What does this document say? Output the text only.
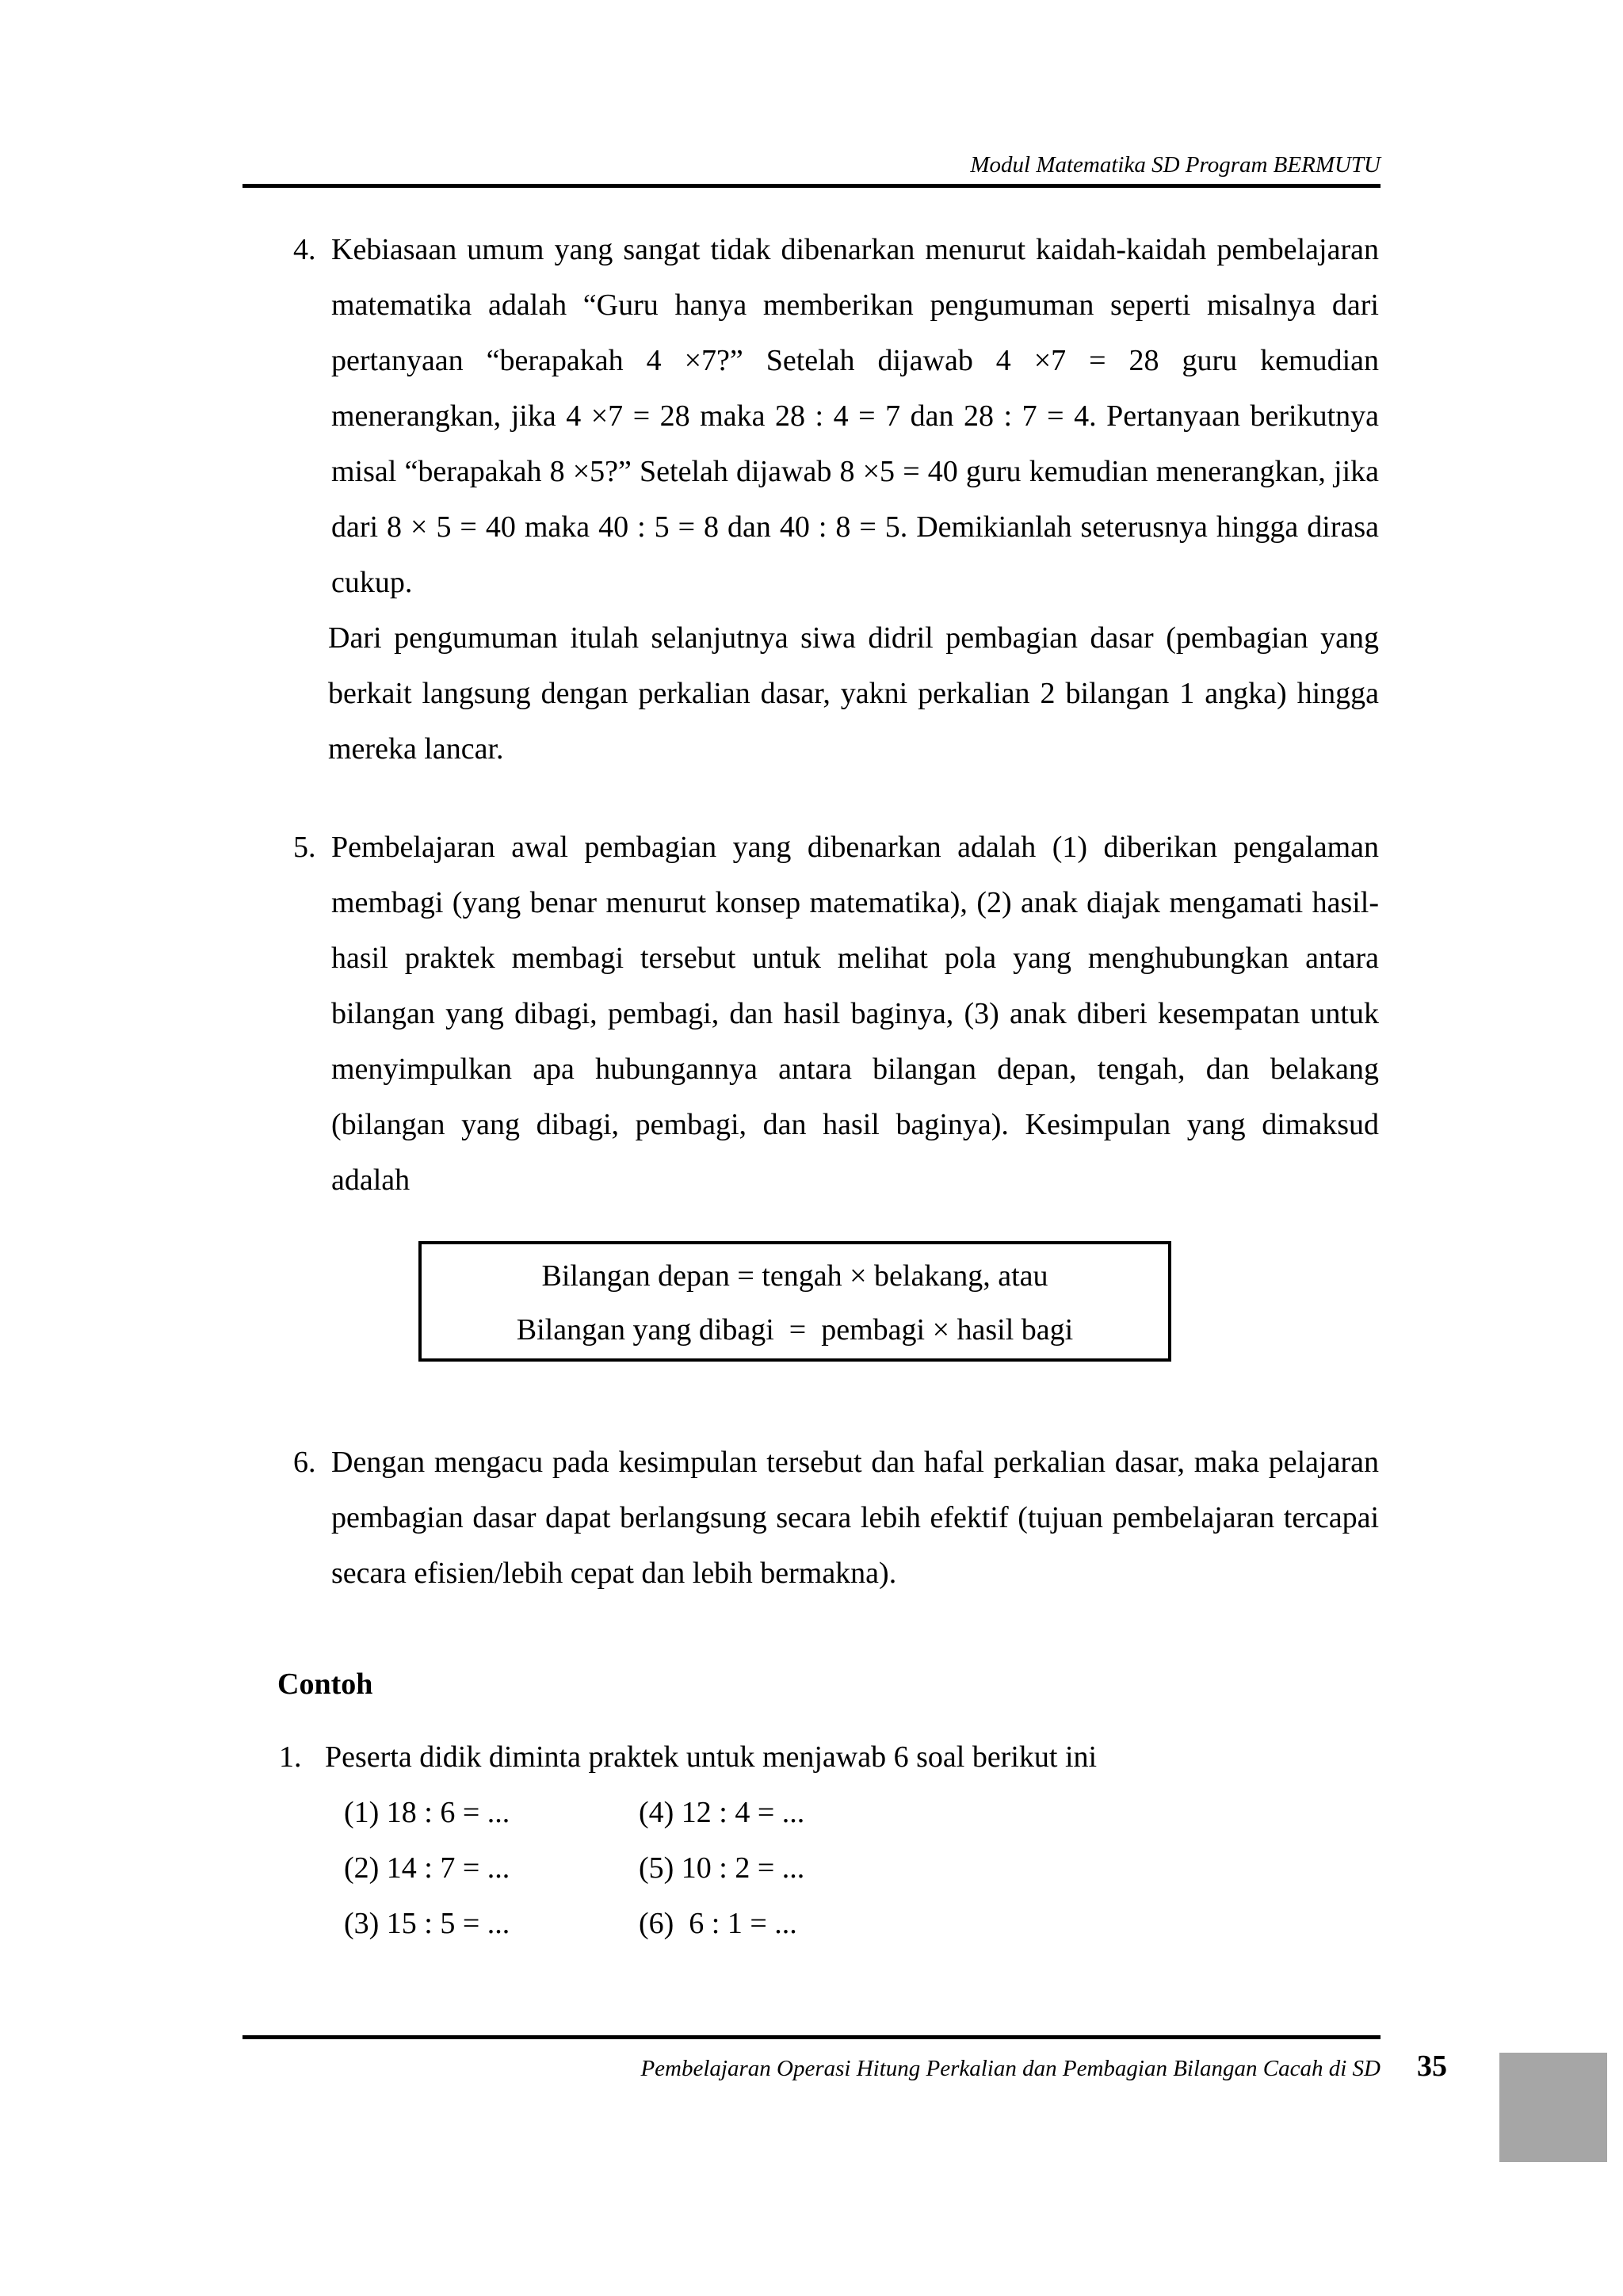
Modul Matematika SD Program BERMUTU
4. Kebiasaan umum yang sangat tidak dibenarkan menurut kaidah-kaidah pembelajaran matematika adalah “Guru hanya memberikan pengumuman seperti misalnya dari pertanyaan “berapakah 4 ×7?” Setelah dijawab 4 ×7 = 28 guru kemudian menerangkan, jika 4 ×7 = 28 maka 28 : 4 = 7 dan 28 : 7 = 4. Pertanyaan berikutnya misal “berapakah 8 ×5?” Setelah dijawab 8 ×5 = 40 guru kemudian menerangkan, jika dari 8 × 5 = 40 maka 40 : 5 = 8 dan 40 : 8 = 5. Demikianlah seterusnya hingga dirasa cukup.

Dari pengumuman itulah selanjutnya siwa didril pembagian dasar (pembagian yang berkait langsung dengan perkalian dasar, yakni perkalian 2 bilangan 1 angka) hingga mereka lancar.

5. Pembelajaran awal pembagian yang dibenarkan adalah (1) diberikan pengalaman membagi (yang benar menurut konsep matematika), (2) anak diajak mengamati hasil-hasil praktek membagi tersebut untuk melihat pola yang menghubungkan antara bilangan yang dibagi, pembagi, dan hasil baginya, (3) anak diberi kesempatan untuk menyimpulkan apa hubungannya antara bilangan depan, tengah, dan belakang (bilangan yang dibagi, pembagi, dan hasil baginya). Kesimpulan yang dimaksud adalah

Bilangan depan = tengah × belakang, atau
Bilangan yang dibagi  =  pembagi × hasil bagi
6. Dengan mengacu pada kesimpulan tersebut dan hafal perkalian dasar, maka pelajaran pembagian dasar dapat berlangsung secara lebih efektif (tujuan pembelajaran tercapai secara efisien/lebih cepat dan lebih bermakna).

Contoh
1. Peserta didik diminta praktek untuk menjawab 6 soal berikut ini
(1) 18 : 6 = ...	(4) 12 : 4 = ...
(2) 14 : 7 = ...	(5) 10 : 2 = ...
(3) 15 : 5 = ...	(6)  6 : 1 = ...
Pembelajaran Operasi Hitung Perkalian dan Pembagian Bilangan Cacah di SD 35
